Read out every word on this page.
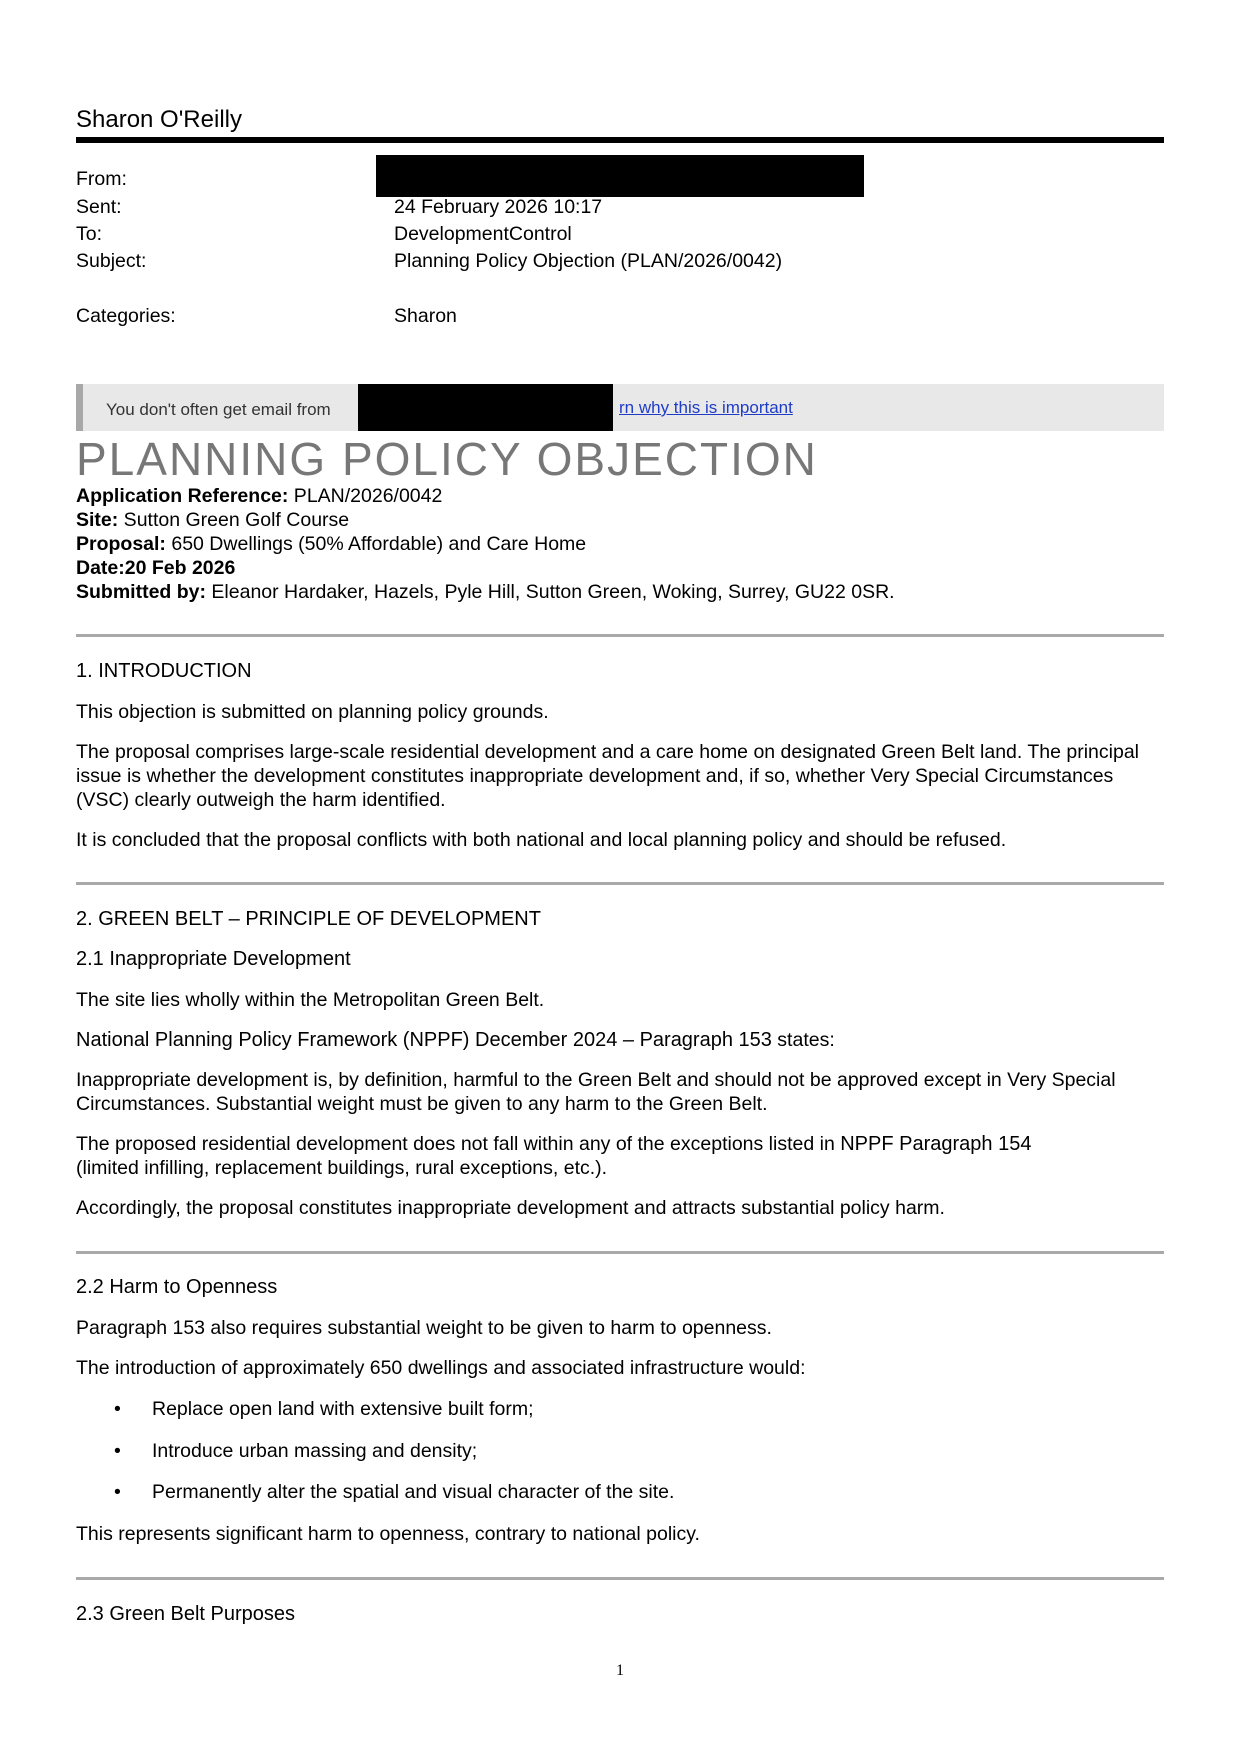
Sharon O'Reilly
From:
Sent:	24 February 2026 10:17
To:	DevelopmentControl
Subject:	Planning Policy Objection (PLAN/2026/0042)
Categories:	Sharon
You don't often get email from	rn why this is important
PLANNING POLICY OBJECTION
Application Reference: PLAN/2026/0042
Site: Sutton Green Golf Course
Proposal: 650 Dwellings (50% Affordable) and Care Home
Date:20 Feb 2026
Submitted by: Eleanor Hardaker, Hazels, Pyle Hill, Sutton Green, Woking, Surrey, GU22 0SR.
1. INTRODUCTION
This objection is submitted on planning policy grounds.
The proposal comprises large-scale residential development and a care home on designated Green Belt land. The principal issue is whether the development constitutes inappropriate development and, if so, whether Very Special Circumstances (VSC) clearly outweigh the harm identified.
It is concluded that the proposal conflicts with both national and local planning policy and should be refused.
2. GREEN BELT – PRINCIPLE OF DEVELOPMENT
2.1 Inappropriate Development
The site lies wholly within the Metropolitan Green Belt.
National Planning Policy Framework (NPPF) December 2024 – Paragraph 153 states:
Inappropriate development is, by definition, harmful to the Green Belt and should not be approved except in Very Special Circumstances. Substantial weight must be given to any harm to the Green Belt.
The proposed residential development does not fall within any of the exceptions listed in NPPF Paragraph 154 (limited infilling, replacement buildings, rural exceptions, etc.).
Accordingly, the proposal constitutes inappropriate development and attracts substantial policy harm.
2.2 Harm to Openness
Paragraph 153 also requires substantial weight to be given to harm to openness.
The introduction of approximately 650 dwellings and associated infrastructure would:
• Replace open land with extensive built form;
• Introduce urban massing and density;
• Permanently alter the spatial and visual character of the site.
This represents significant harm to openness, contrary to national policy.
2.3 Green Belt Purposes
1
